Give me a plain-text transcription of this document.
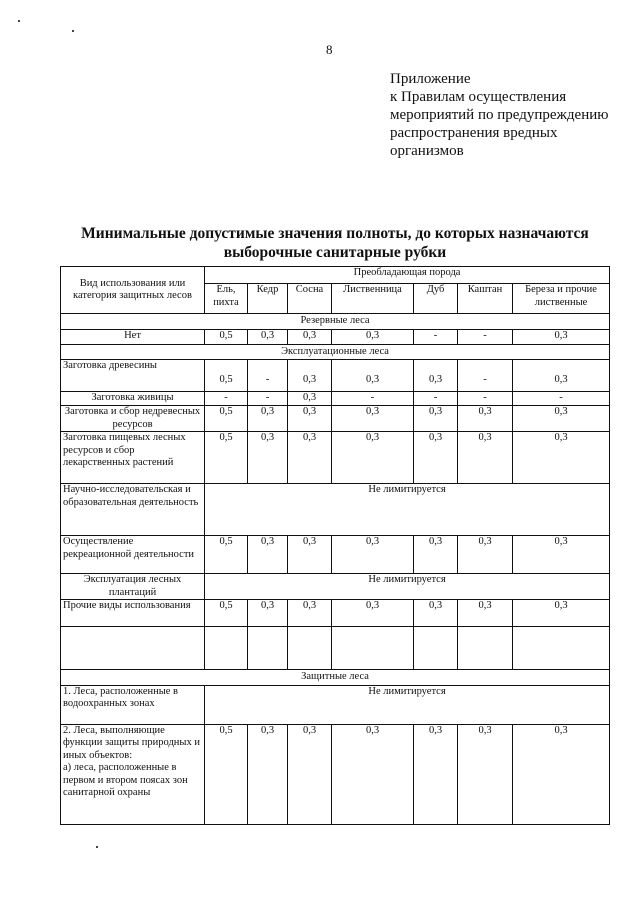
8
Приложение
к Правилам осуществления
мероприятий по предупреждению
распространения вредных
организмов
Минимальные допустимые значения полноты, до которых назначаются
выборочные санитарные рубки
Вид использования или категория защитных лесов	Преобладающая порода						
	Ель, пихта	Кедр	Сосна	Лиственница	Дуб	Каштан	Береза и прочие лиственные
Резервные леса							
Нет	0,5	0,3	0,3	0,3	-	-	0,3
Эксплуатационные леса							
Заготовка древесины	0,5	-	0,3	0,3	0,3	-	0,3
Заготовка живицы	-	-	0,3	-	-	-	-
Заготовка и сбор недревесных ресурсов	0,5	0,3	0,3	0,3	0,3	0,3	0,3
Заготовка пищевых лесных ресурсов и сбор лекарственных растений	0,5	0,3	0,3	0,3	0,3	0,3	0,3
Научно-исследовательская и образовательная деятельность	Не лимитируется						
Осуществление рекреационной деятельности	0,5	0,3	0,3	0,3	0,3	0,3	0,3
Эксплуатация лесных плантаций	Не лимитируется						
Прочие виды использования	0,5	0,3	0,3	0,3	0,3	0,3	0,3

Защитные леса							
1. Леса, расположенные в водоохранных зонах	Не лимитируется						

2. Леса, выполняющие функции защиты природных и иных объектов:
а) леса, расположенные в первом и втором поясах зон санитарной охраны	0,5	0,3	0,3	0,3	0,3	0,3	0,3
